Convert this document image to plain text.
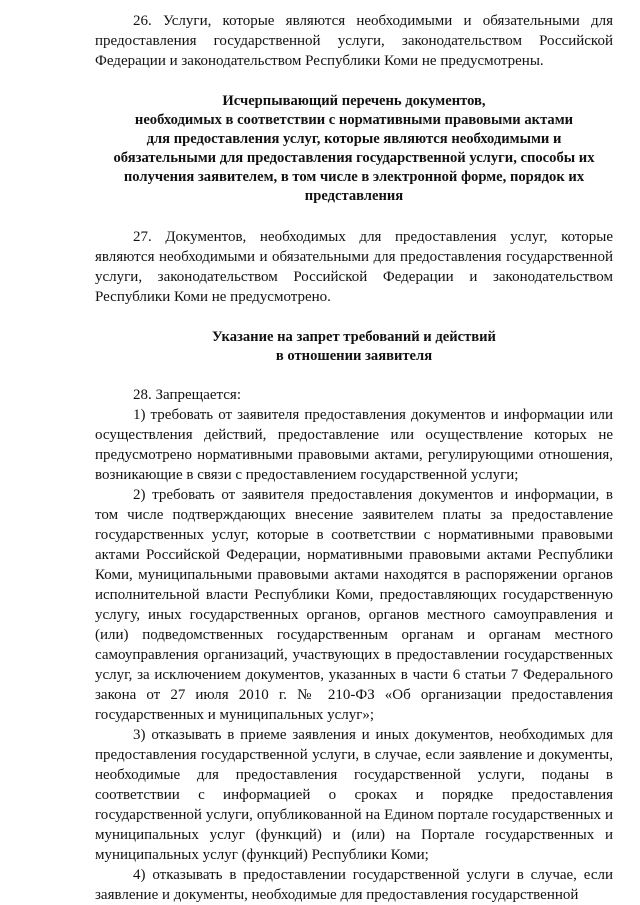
26. Услуги, которые являются необходимыми и обязательными для предоставления государственной услуги, законодательством Российской Федерации и законодательством Республики Коми не предусмотрены.

Исчерпывающий перечень документов,
необходимых в соответствии с нормативными правовыми актами
для предоставления услуг, которые являются необходимыми и
обязательными для предоставления государственной услуги, способы их
получения заявителем, в том числе в электронной форме, порядок их
представления

27. Документов, необходимых для предоставления услуг, которые являются необходимыми и обязательными для предоставления государственной услуги, законодательством Российской Федерации и законодательством Республики Коми не предусмотрено.

Указание на запрет требований и действий
в отношении заявителя

28. Запрещается:

1) требовать от заявителя предоставления документов и информации или осуществления действий, предоставление или осуществление которых не предусмотрено нормативными правовыми актами, регулирующими отношения, возникающие в связи с предоставлением государственной услуги;

2) требовать от заявителя предоставления документов и информации, в том числе подтверждающих внесение заявителем платы за предоставление государственных услуг, которые в соответствии с нормативными правовыми актами Российской Федерации, нормативными правовыми актами Республики Коми, муниципальными правовыми актами находятся в распоряжении органов исполнительной власти Республики Коми, предоставляющих государственную услугу, иных государственных органов, органов местного самоуправления и (или) подведомственных государственным органам и органам местного самоуправления организаций, участвующих в предоставлении государственных услуг, за исключением документов, указанных в части 6 статьи 7 Федерального закона от 27 июля 2010 г. № 210-ФЗ «Об организации предоставления государственных и муниципальных услуг»;

3) отказывать в приеме заявления и иных документов, необходимых для предоставления государственной услуги, в случае, если заявление и документы, необходимые для предоставления государственной услуги, поданы в соответствии с информацией о сроках и порядке предоставления государственной услуги, опубликованной на Едином портале государственных и муниципальных услуг (функций) и (или) на Портале государственных и муниципальных услуг (функций) Республики Коми;

4) отказывать в предоставлении государственной услуги в случае, если заявление и документы, необходимые для предоставления государственной
